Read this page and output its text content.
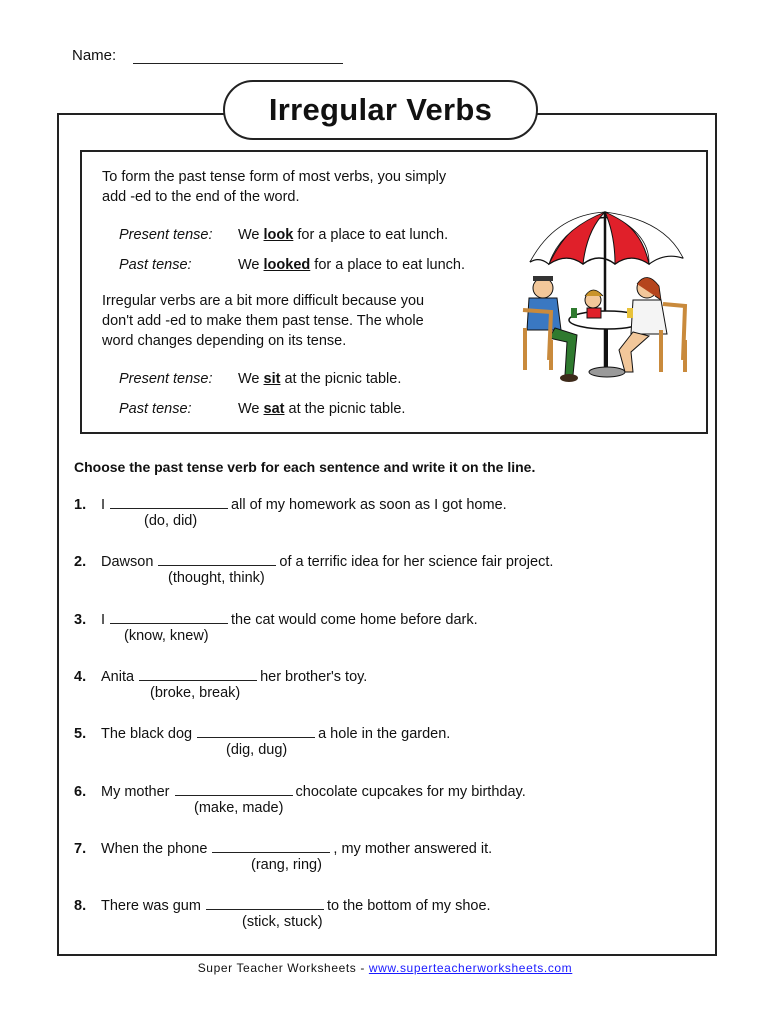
Name:
Irregular Verbs
To form the past tense form of most verbs, you simply
add -ed to the end of the word.
Present tense: We look for a place to eat lunch.
Past tense:	We looked for a place to eat lunch.
Irregular verbs are a bit more difficult because you
don't add -ed to make them past tense. The whole
word changes depending on its tense.
Present tense: We sit at the picnic table.
Past tense:	We sat at the picnic table.
Choose the past tense verb for each sentence and write it on the line.
1. I	all of my homework as soon as I got home.
(do, did)
2. Dawson	of a terrific idea for her science fair project.
(thought, think)
3. I	the cat would come home before dark.
(know, knew)
4. Anita	her brother's toy.
(broke, break)
5. The black dog	a hole in the garden.
(dig, dug)
6. My mother	chocolate cupcakes for my birthday.
(make, made)
7. When the phone	, my mother answered it.
(rang, ring)
8. There was gum	to the bottom of my shoe.
(stick, stuck)
Super Teacher Worksheets - www.superteacherworksheets.com
